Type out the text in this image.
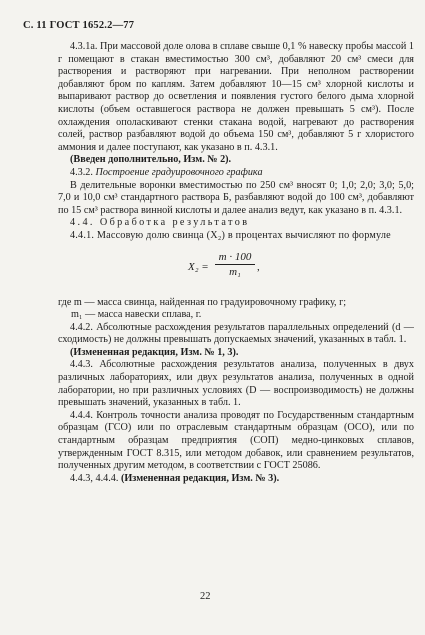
С. 11 ГОСТ 1652.2—77

4.3.1а. При массовой доле олова в сплаве свыше 0,1 % навеску пробы массой 1 г помещают в стакан вместимостью 300 см³, добавляют 20 см³ смеси для растворения и растворяют при нагревании. При неполном растворении добавляют бром по каплям. Затем добавляют 10—15 см³ хлорной кислоты и выпаривают раствор до осветления и появления густого белого дыма хлорной кислоты (объем оставшегося раствора не должен превышать 5 см³). После охлаждения ополаскивают стенки стакана водой, нагревают до растворения солей, раствор разбавляют водой до объема 150 см³, добавляют 5 г хлористого аммония и далее поступают, как указано в п. 4.3.1.

(Введен дополнительно, Изм. № 2).

4.3.2. Построение градуировочного графика

В делительные воронки вместимостью по 250 см³ вносят 0; 1,0; 2,0; 3,0; 5,0; 7,0 и 10,0 см³ стандартного раствора Б, разбавляют водой до 100 см³, добавляют по 15 см³ раствора винной кислоты и далее анализ ведут, как указано в п. 4.3.1.

4.4. Обработка результатов

4.4.1. Массовую долю свинца (X₂) в процентах вычисляют по формуле

$X_2 = \frac{m \cdot 100}{\text{m₁}}$ ,

где m — масса свинца, найденная по градуировочному графику, г;

m₁ — масса навески сплава, г.

4.4.2. Абсолютные расхождения результатов параллельных определений (d — сходимость) не должны превышать допускаемых значений, указанных в табл. 1.

(Измененная редакция, Изм. № 1, 3).

4.4.3. Абсолютные расхождения результатов анализа, полученных в двух различных лабораториях, или двух результатов анализа, полученных в одной лаборатории, но при различных условиях (D — воспроизводимость) не должны превышать значений, указанных в табл. 1.

4.4.4. Контроль точности анализа проводят по Государственным стандартным образцам (ГСО) или по отраслевым стандартным образцам (ОСО), или по стандартным образцам предприятия (СОП) медно-цинковых сплавов, утвержденным ГОСТ 8.315, или методом добавок, или сравнением результатов, полученных другим методом, в соответствии с ГОСТ 25086.

4.4.3, 4.4.4. (Измененная редакция, Изм. № 3).

22
